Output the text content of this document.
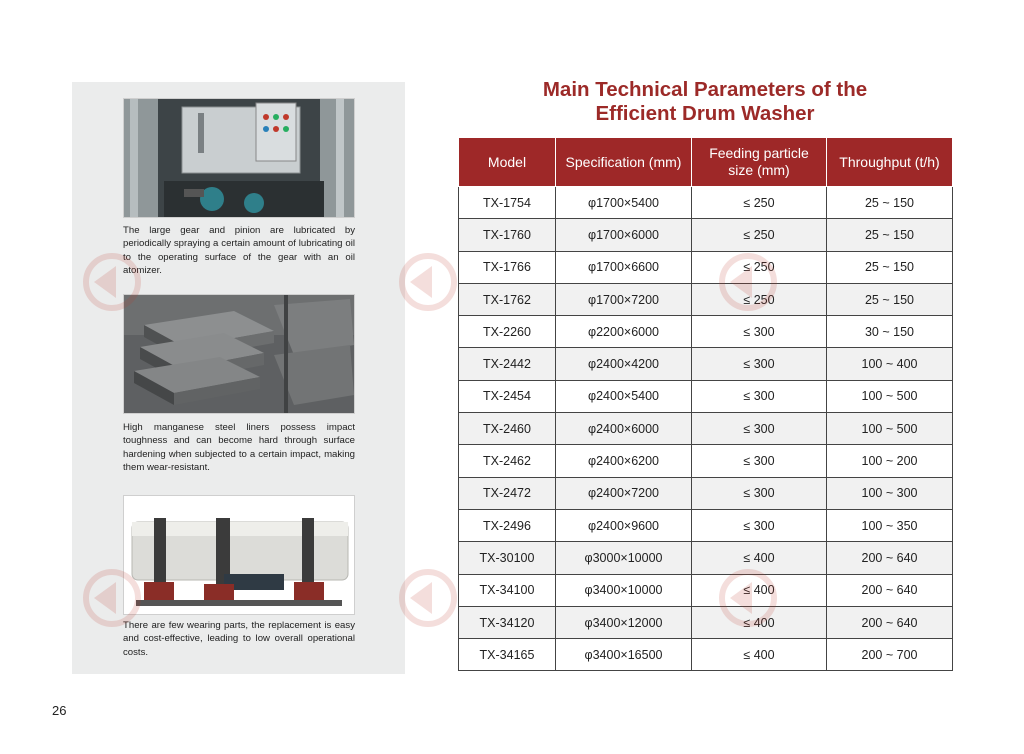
The large gear and pinion are lubricated by periodically spraying a certain amount of lubricating oil to the operating surface of the gear with an oil atomizer.
High manganese steel liners possess impact toughness and can become hard through surface hardening when subjected to a certain impact, making them wear-resistant.
There are few wearing parts, the replacement is easy and cost-effective, leading to low overall operational costs.
Main Technical Parameters of the
Efficient Drum Washer
Model	Specification (mm)	Feeding particle size (mm)	Throughput (t/h)
TX-1754	φ1700×5400	≤ 250	25 ~ 150
TX-1760	φ1700×6000	≤ 250	25 ~ 150
TX-1766	φ1700×6600	≤ 250	25 ~ 150
TX-1762	φ1700×7200	≤ 250	25 ~ 150
TX-2260	φ2200×6000	≤ 300	30 ~ 150
TX-2442	φ2400×4200	≤ 300	100 ~ 400
TX-2454	φ2400×5400	≤ 300	100 ~ 500
TX-2460	φ2400×6000	≤ 300	100 ~ 500
TX-2462	φ2400×6200	≤ 300	100 ~ 200
TX-2472	φ2400×7200	≤ 300	100 ~ 300
TX-2496	φ2400×9600	≤ 300	100 ~ 350
TX-30100	φ3000×10000	≤ 400	200 ~ 640
TX-34100	φ3400×10000	≤ 400	200 ~ 640
TX-34120	φ3400×12000	≤ 400	200 ~ 640
TX-34165	φ3400×16500	≤ 400	200 ~ 700
26
